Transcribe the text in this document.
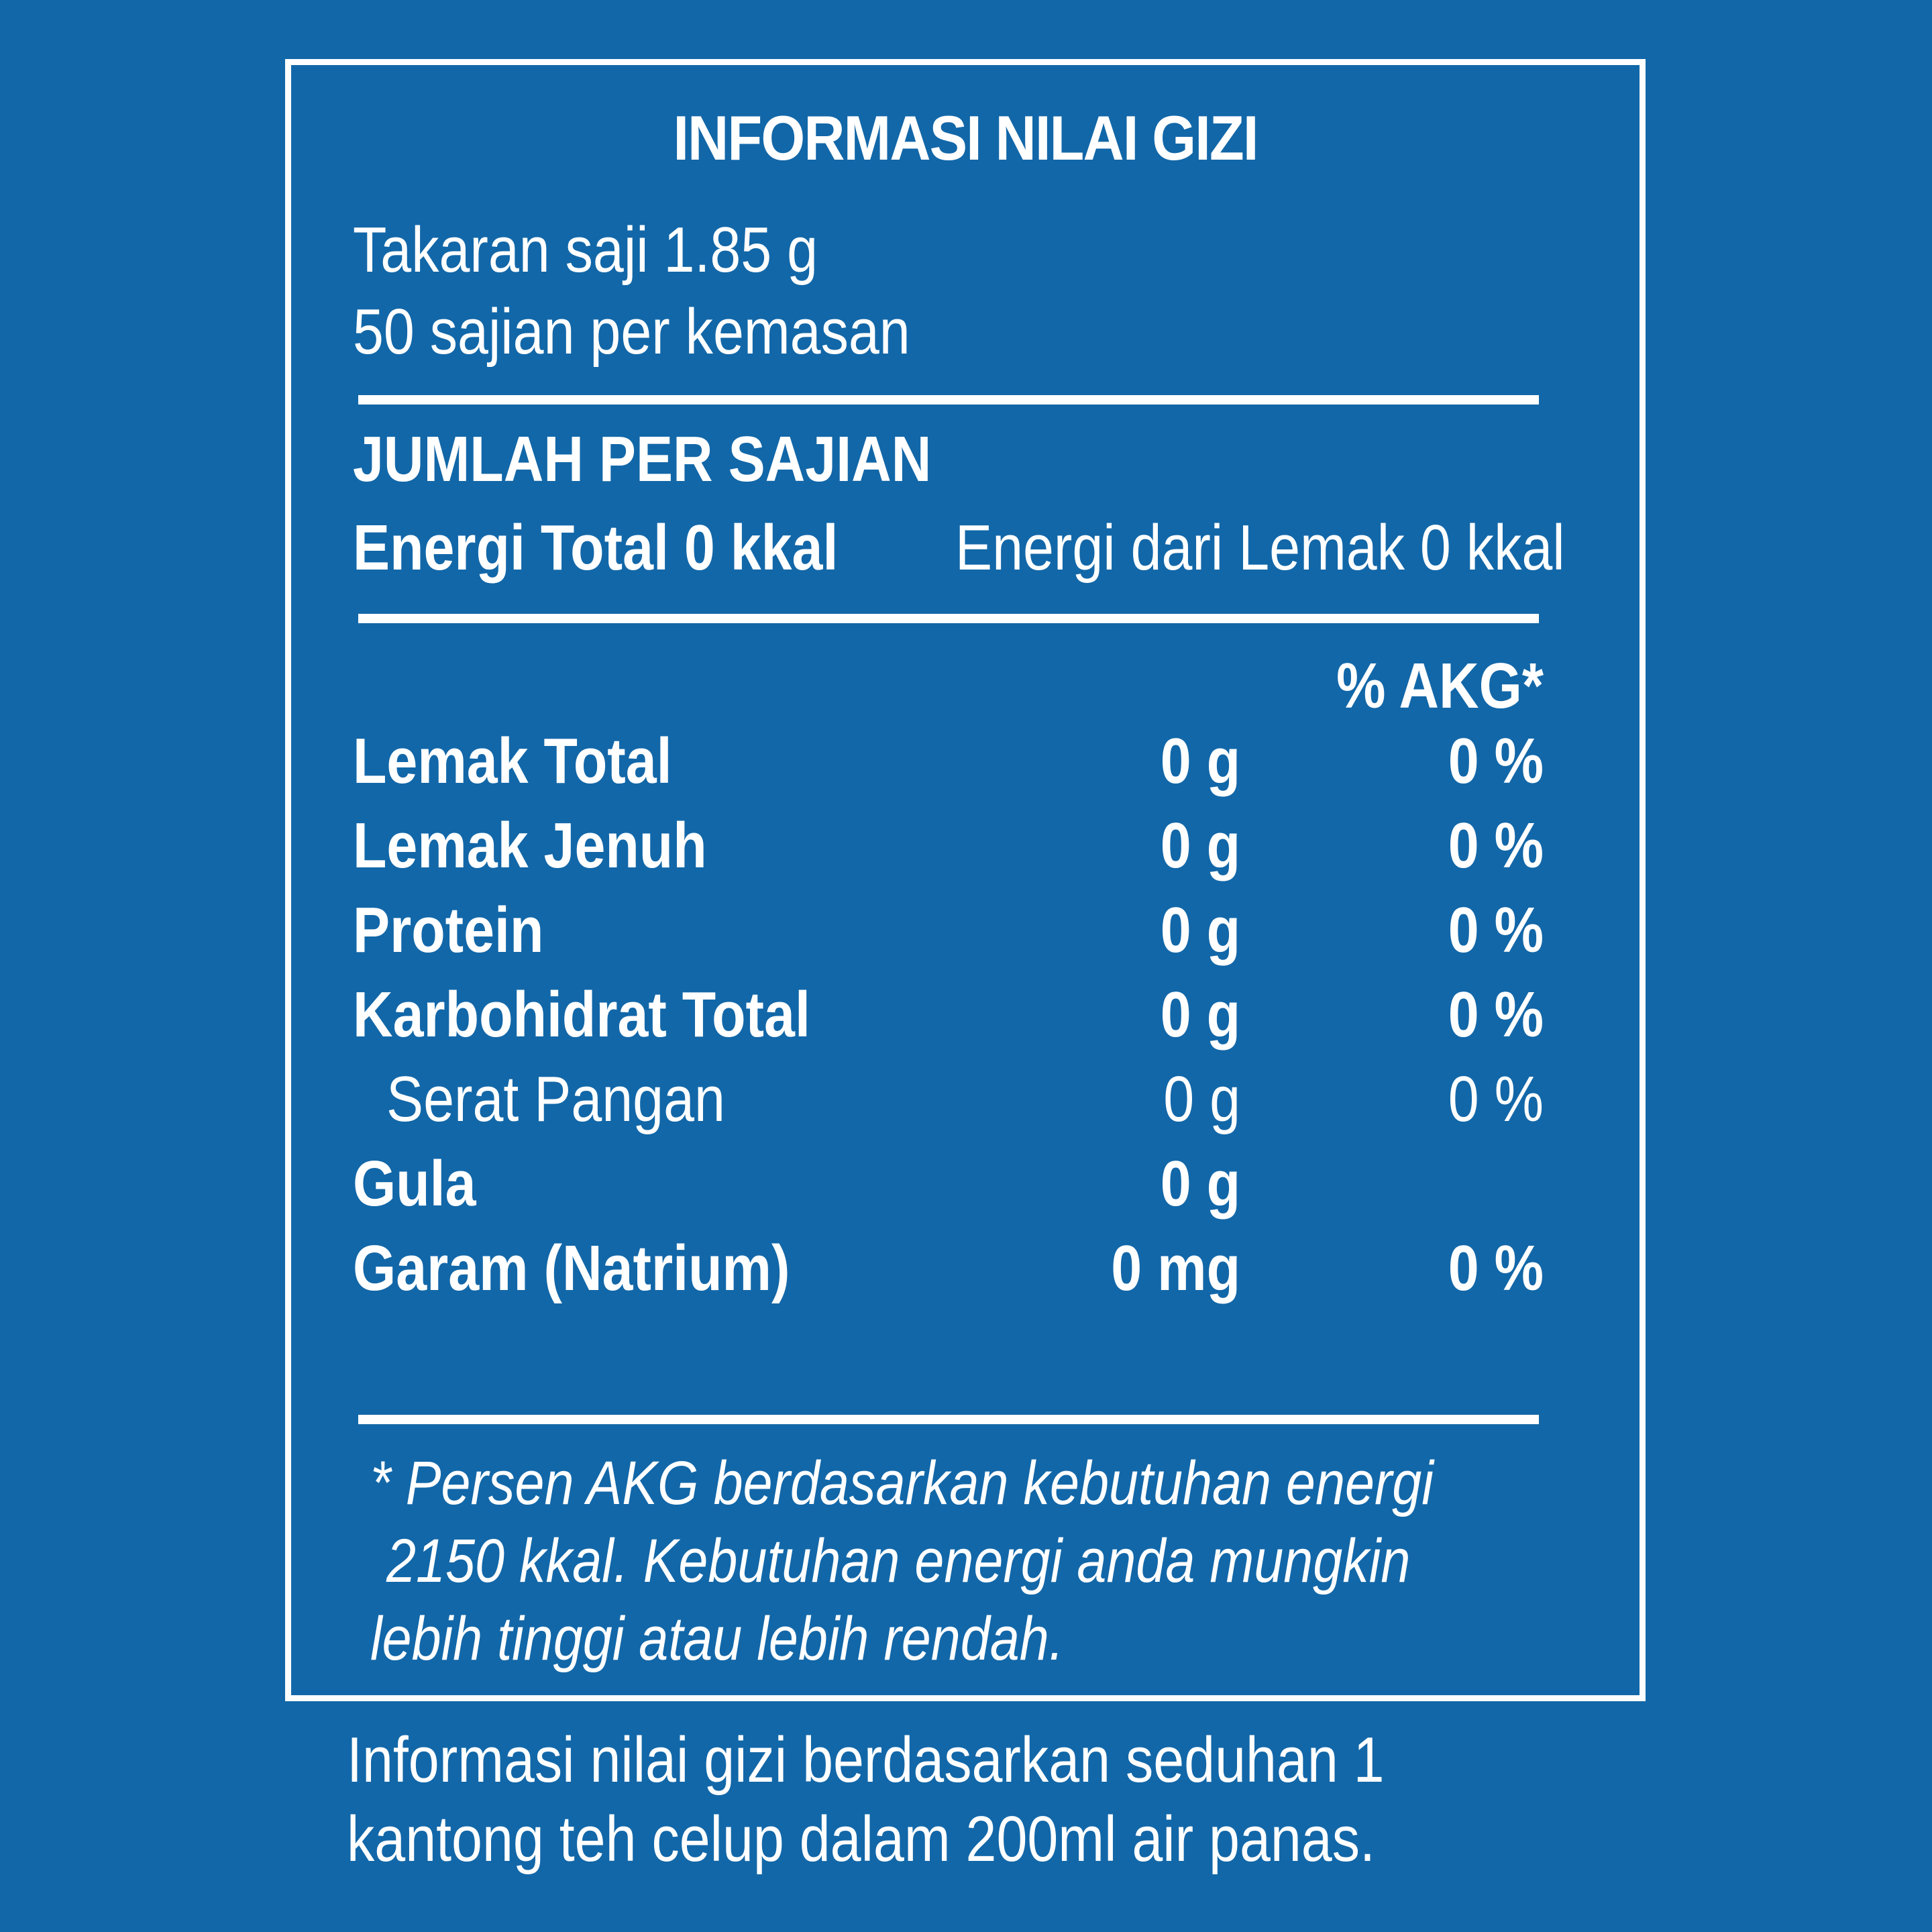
INFORMASI NILAI GIZI
Takaran saji 1.85 g
50 sajian per kemasan
JUMLAH PER SAJIAN
Energi Total 0 kkal Energi dari Lemak 0 kkal
% AKG*
Lemak Total	0 g	0 %
Lemak Jenuh	0 g	0 %
Protein	0 g	0 %
Karbohidrat Total	0 g	0 %
Serat Pangan	0 g	0 %
Gula	0 g
Garam (Natrium)	0 mg	0 %
* Persen AKG berdasarkan kebutuhan energi
2150 kkal. Kebutuhan energi anda mungkin
lebih tinggi atau lebih rendah.
Informasi nilai gizi berdasarkan seduhan 1
kantong teh celup dalam 200ml air panas.
